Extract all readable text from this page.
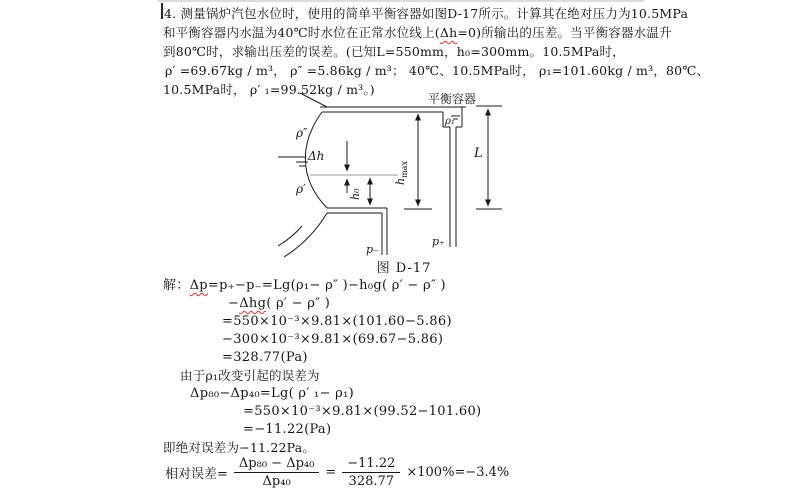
4. 测量锅炉汽包水位时，使用的简单平衡容器如图D-17所示。计算其在绝对压力为10.5MPa
和平衡容器内水温为40℃时水位在正常水位线上(Δh=0)所输出的压差。当平衡容器水温升
到80℃时，求输出压差的误差。(已知L=550mm，h₀=300mm。10.5MPa时，
ρ′ =69.67kg / m³， ρ″ =5.86kg / m³； 40℃、10.5MPa时， ρ₁=101.60kg / m³，80℃、
10.5MPa时， ρ′ ₁=99.52kg / m³。)
平衡容器
ρ″
Δh
ρ′
ρ₁
h₀
$h_{max}$
L
p₋
p₊
图 D-17
解：Δp=p₊−p₋=Lg(ρ₁− ρ″ )−h₀g( ρ′ − ρ″ )
−Δhg( ρ′ − ρ″ )
=550×10⁻³×9.81×(101.60−5.86)
−300×10⁻³×9.81×(69.67−5.86)
=328.77(Pa)
由于ρ₁改变引起的误差为
Δp₈₀−Δp₄₀=Lg( ρ′ ₁− ρ₁)
=550×10⁻³×9.81×(99.52−101.60)
=−11.22(Pa)
即绝对误差为−11.22Pa。
相对误差= $\frac{\text{Δp₈₀ − Δp₄₀}}{\text{Δp₄₀}} = \frac{-11.22}{328.77} \times 100\%=-3.4\%$
